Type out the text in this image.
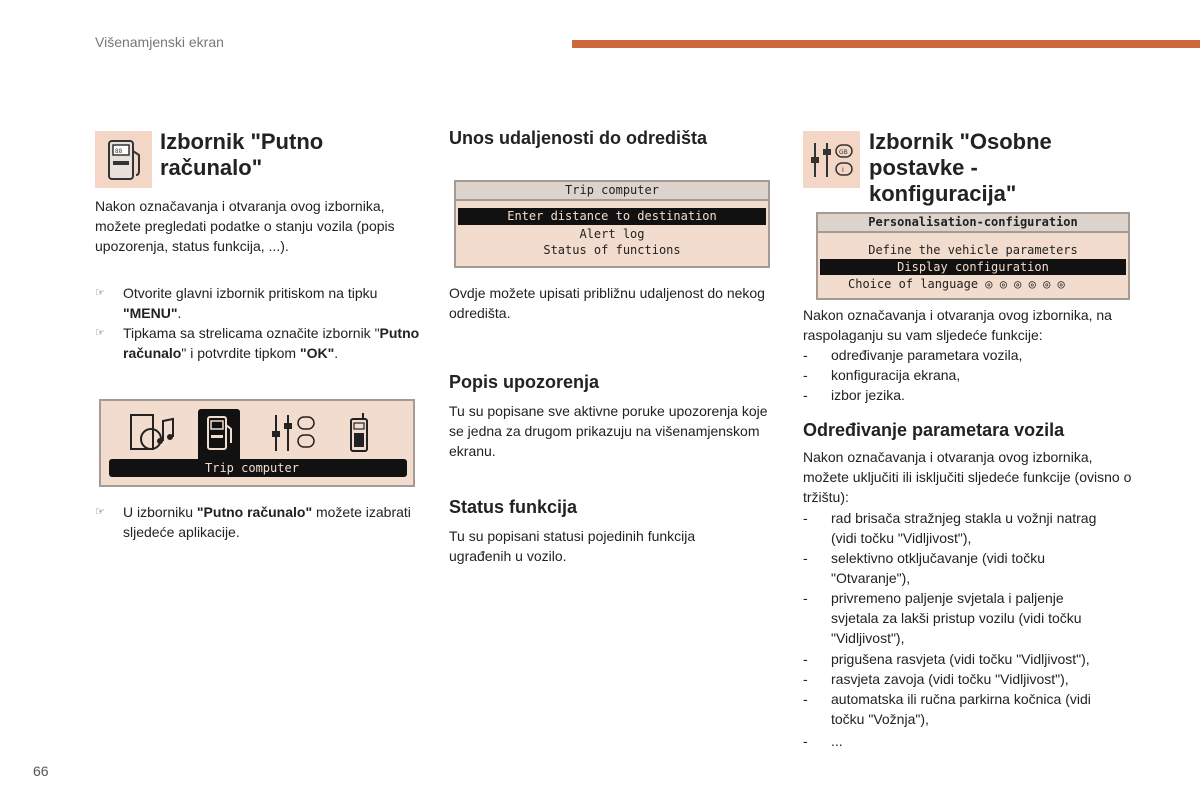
Višenamjenski ekran
66
88 Izbornik "Putno računalo"

Nakon označavanja i otvaranja ovog izbornika, možete pregledati podatke o stanju vozila (popis upozorenja, status funkcija, ...).

☞ Otvorite glavni izbornik pritiskom na tipku "MENU".
☞ Tipkama sa strelicama označite izbornik "Putno računalo" i potvrdite tipkom "OK".
Trip computer
☞ U izborniku "Putno računalo" možete izabrati sljedeće aplikacije.
Unos udaljenosti do odredišta
Trip computer
Enter distance to destination
Alert log
Status of functions

Ovdje možete upisati približnu udaljenost do nekog odredišta.

Popis upozorenja

Tu su popisane sve aktivne poruke upozorenja koje se jedna za drugom prikazuju na višenamjenskom ekranu.

Status funkcija

Tu su popisani statusi pojedinih funkcija ugrađenih u vozilo.

GB
I
Izbornik "Osobne postavke - konfiguracija"
Personalisation-configuration
Define the vehicle parameters
Display configuration
Choice of language ◎ ◎ ◎ ◎ ◎ ◎

Nakon označavanja i otvaranja ovog izbornika, na raspolaganju su vam sljedeće funkcije:

- određivanje parametara vozila,
- konfiguracija ekrana,
- izbor jezika.
Određivanje parametara vozila

Nakon označavanja i otvaranja ovog izbornika, možete uključiti ili isključiti sljedeće funkcije (ovisno o tržištu):

- rad brisača stražnjeg stakla u vožnji natrag
(vidi točku "Vidljivost"),
- selektivno otključavanje (vidi točku
"Otvaranje"),
- privremeno paljenje svjetala i paljenje
svjetala za lakši pristup vozilu (vidi točku
"Vidljivost"),
- prigušena rasvjeta (vidi točku "Vidljivost"),
- rasvjeta zavoja (vidi točku "Vidljivost"),
- automatska ili ručna parkirna kočnica (vidi
točku "Vožnja"),
- ...
